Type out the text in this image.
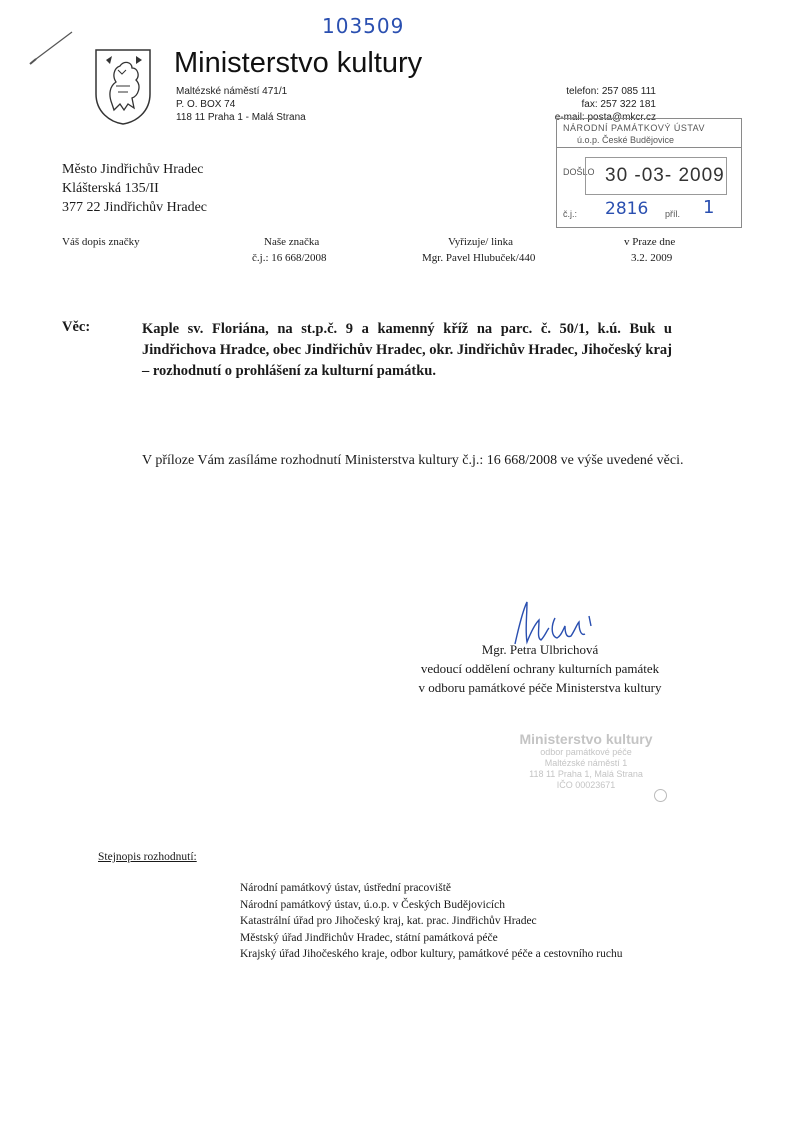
103509
Ministerstvo kultury
Maltézské náměstí 471/1
P. O. BOX 74
118 11 Praha 1 - Malá Strana
telefon: 257 085 111
fax: 257 322 181
e-mail: posta@mkcr.cz
NÁRODNÍ PAMÁTKOVÝ ÚSTAV
ú.o.p. České Budějovice
DOŠLO 30 -03- 2009
č.j.: 2816 příl. 1
Město Jindřichův Hradec
Klášterská 135/II
377 22 Jindřichův Hradec
Váš dopis značky	Naše značka
č.j.: 16 668/2008
Vyřizuje/ linka
Mgr. Pavel Hlubuček/440
v Praze dne
3.2. 2009
Věc:	Kaple sv. Floriána, na st.p.č. 9 a kamenný kříž na parc. č. 50/1, k.ú. Buk u Jindřichova Hradce, obec Jindřichův Hradec, okr. Jindřichův Hradec, Jihočeský kraj – rozhodnutí o prohlášení za kulturní památku.
V příloze Vám zasíláme rozhodnutí Ministerstva kultury č.j.: 16 668/2008 ve výše uvedené věci.
Mgr. Petra Ulbrichová
vedoucí oddělení ochrany kulturních památek
v odboru památkové péče Ministerstva kultury
Ministerstvo kultury
odbor památkové péče
Maltézské náměstí 1
118 11 Praha 1, Malá Strana
IČO 00023671
Stejnopis rozhodnutí:
Národní památkový ústav, ústřední pracoviště
Národní památkový ústav, ú.o.p. v Českých Budějovicích
Katastrální úřad pro Jihočeský kraj, kat. prac. Jindřichův Hradec
Městský úřad Jindřichův Hradec, státní památková péče
Krajský úřad Jihočeského kraje, odbor kultury, památkové péče a cestovního ruchu
